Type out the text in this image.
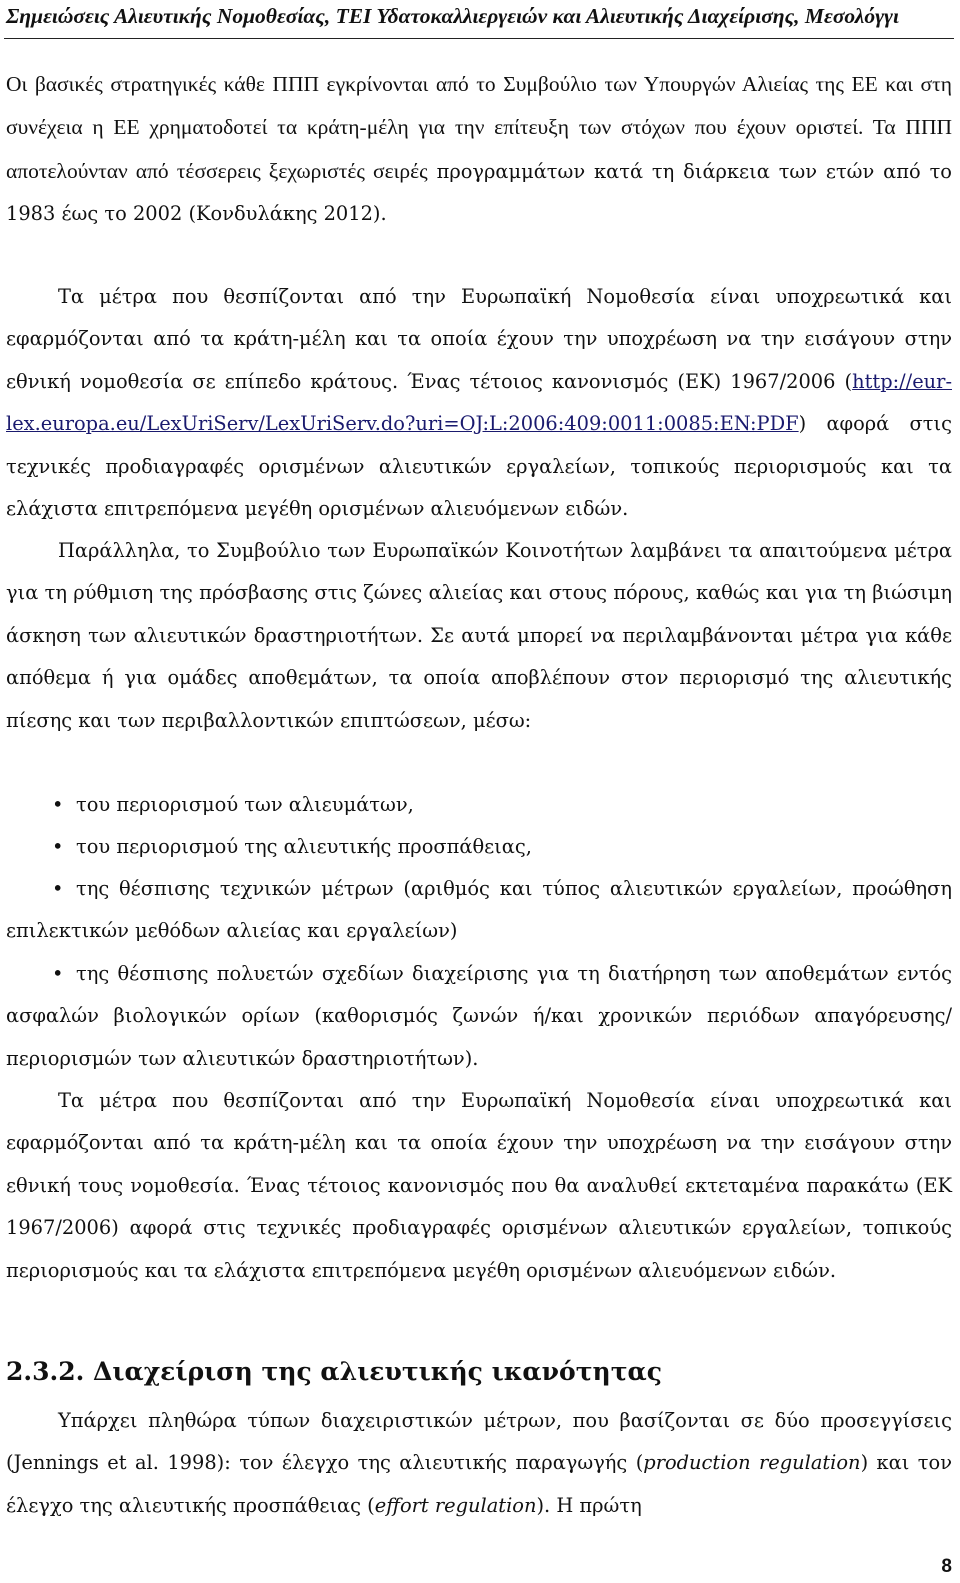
Σημειώσεις Αλιευτικής Νομοθεσίας, ΤΕΙ Υδατοκαλλιεργειών και Αλιευτικής Διαχείρισης, Μεσολόγγι

Οι βασικές στρατηγικές κάθε ΠΠΠ εγκρίνονται από το Συμβούλιο των Υπουργών Αλιείας της ΕΕ και στη συνέχεια η ΕΕ χρηματοδοτεί τα κράτη-μέλη για την επίτευξη των στόχων που έχουν οριστεί. Τα ΠΠΠ αποτελούνταν από τέσσερεις ξεχωριστές σειρές προγραμμάτων κατά τη διάρκεια των ετών από το 1983 έως το 2002 (Κονδυλάκης 2012).

Τα μέτρα που θεσπίζονται από την Ευρωπαϊκή Νομοθεσία είναι υποχρεωτικά και εφαρμόζονται από τα κράτη-μέλη και τα οποία έχουν την υποχρέωση να την εισάγουν στην εθνική νομοθεσία σε επίπεδο κράτους. Ένας τέτοιος κανονισμός (ΕΚ) 1967/2006 (http://eur-lex.europa.eu/LexUriServ/LexUriServ.do?uri=OJ:L:2006:409:0011:0085:EN:PDF) αφορά στις τεχνικές προδιαγραφές ορισμένων αλιευτικών εργαλείων, τοπικούς περιορισμούς και τα ελάχιστα επιτρεπόμενα μεγέθη ορισμένων αλιευόμενων ειδών.

Παράλληλα, το Συμβούλιο των Ευρωπαϊκών Κοινοτήτων λαμβάνει τα απαιτούμενα μέτρα για τη ρύθμιση της πρόσβασης στις ζώνες αλιείας και στους πόρους, καθώς και για τη βιώσιμη άσκηση των αλιευτικών δραστηριοτήτων. Σε αυτά μπορεί να περιλαμβάνονται μέτρα για κάθε απόθεμα ή για ομάδες αποθεμάτων, τα οποία αποβλέπουν στον περιορισμό της αλιευτικής πίεσης και των περιβαλλοντικών επιπτώσεων, μέσω:

• του περιορισμού των αλιευμάτων,

• του περιορισμού της αλιευτικής προσπάθειας,

• της θέσπισης τεχνικών μέτρων (αριθμός και τύπος αλιευτικών εργαλείων, προώθηση επιλεκτικών μεθόδων αλιείας και εργαλείων)

• της θέσπισης πολυετών σχεδίων διαχείρισης για τη διατήρηση των αποθεμάτων εντός ασφαλών βιολογικών ορίων (καθορισμός ζωνών ή/και χρονικών περιόδων απαγόρευσης/περιορισμών των αλιευτικών δραστηριοτήτων).

Τα μέτρα που θεσπίζονται από την Ευρωπαϊκή Νομοθεσία είναι υποχρεωτικά και εφαρμόζονται από τα κράτη-μέλη και τα οποία έχουν την υποχρέωση να την εισάγουν στην εθνική τους νομοθεσία. Ένας τέτοιος κανονισμός που θα αναλυθεί εκτεταμένα παρακάτω (ΕΚ 1967/2006) αφορά στις τεχνικές προδιαγραφές ορισμένων αλιευτικών εργαλείων, τοπικούς περιορισμούς και τα ελάχιστα επιτρεπόμενα μεγέθη ορισμένων αλιευόμενων ειδών.

2.3.2. Διαχείριση της αλιευτικής ικανότητας

Υπάρχει πληθώρα τύπων διαχειριστικών μέτρων, που βασίζονται σε δύο προσεγγίσεις (Jennings et al. 1998): τον έλεγχο της αλιευτικής παραγωγής (production regulation) και τον έλεγχο της αλιευτικής προσπάθειας (effort regulation). Η πρώτη

8
